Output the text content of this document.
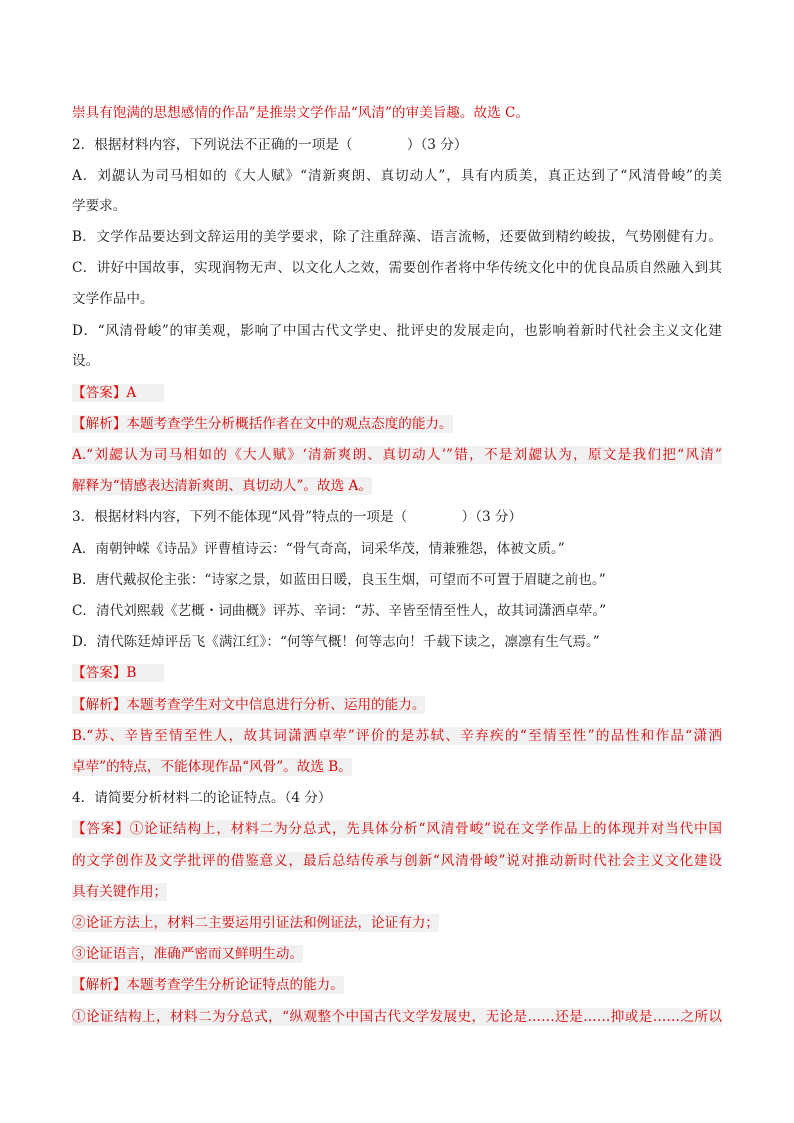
崇具有饱满的思想感情的作品”是推崇文学作品“风清”的审美旨趣。故选 C。
2．根据材料内容，下列说法不正确的一项是（　　　　）（3 分）
A．刘勰认为司马相如的《大人赋》“清新爽朗、真切动人”，具有内质美，真正达到了“风清骨峻”的美
学要求。
B．文学作品要达到文辞运用的美学要求，除了注重辞藻、语言流畅，还要做到精约峻拔，气势刚健有力。
C．讲好中国故事，实现润物无声、以文化人之效，需要创作者将中华传统文化中的优良品质自然融入到其
文学作品中。
D．“风清骨峻”的审美观，影响了中国古代文学史、批评史的发展走向，也影响着新时代社会主义文化建
设。
【答案】A
【解析】本题考查学生分析概括作者在文中的观点态度的能力。
A.“刘勰认为司马相如的《大人赋》‘清新爽朗、真切动人’”错，不是刘勰认为，原文是我们把“风清”
解释为“情感表达清新爽朗、真切动人”。故选 A。
3．根据材料内容，下列不能体现“风骨”特点的一项是（　　　　）（3 分）
A．南朝钟嵘《诗品》评曹植诗云：“骨气奇高，词采华茂，情兼雅怨，体被文质。”
B．唐代戴叔伦主张：“诗家之景，如蓝田日暖，良玉生烟，可望而不可置于眉睫之前也。”
C．清代刘熙载《艺概・词曲概》评苏、辛词：“苏、辛皆至情至性人，故其词潇洒卓荦。”
D．清代陈廷焯评岳飞《满江红》：“何等气概！何等志向！千载下读之，凛凛有生气焉。”
【答案】B
【解析】本题考查学生对文中信息进行分析、运用的能力。
B.“苏、辛皆至情至性人，故其词潇洒卓荦”评价的是苏轼、辛弃疾的“至情至性”的品性和作品“潇洒
卓荦”的特点，不能体现作品“风骨”。故选 B。
4．请简要分析材料二的论证特点。（4 分）
【答案】①论证结构上，材料二为分总式，先具体分析“风清骨峻”说在文学作品上的体现并对当代中国
的文学创作及文学批评的借鉴意义，最后总结传承与创新“风清骨峻”说对推动新时代社会主义文化建设
具有关键作用；
②论证方法上，材料二主要运用引证法和例证法，论证有力；
③论证语言，准确严密而又鲜明生动。
【解析】本题考查学生分析论证特点的能力。
①论证结构上，材料二为分总式，“纵观整个中国古代文学发展史，无论是……还是……抑或是……之所以
